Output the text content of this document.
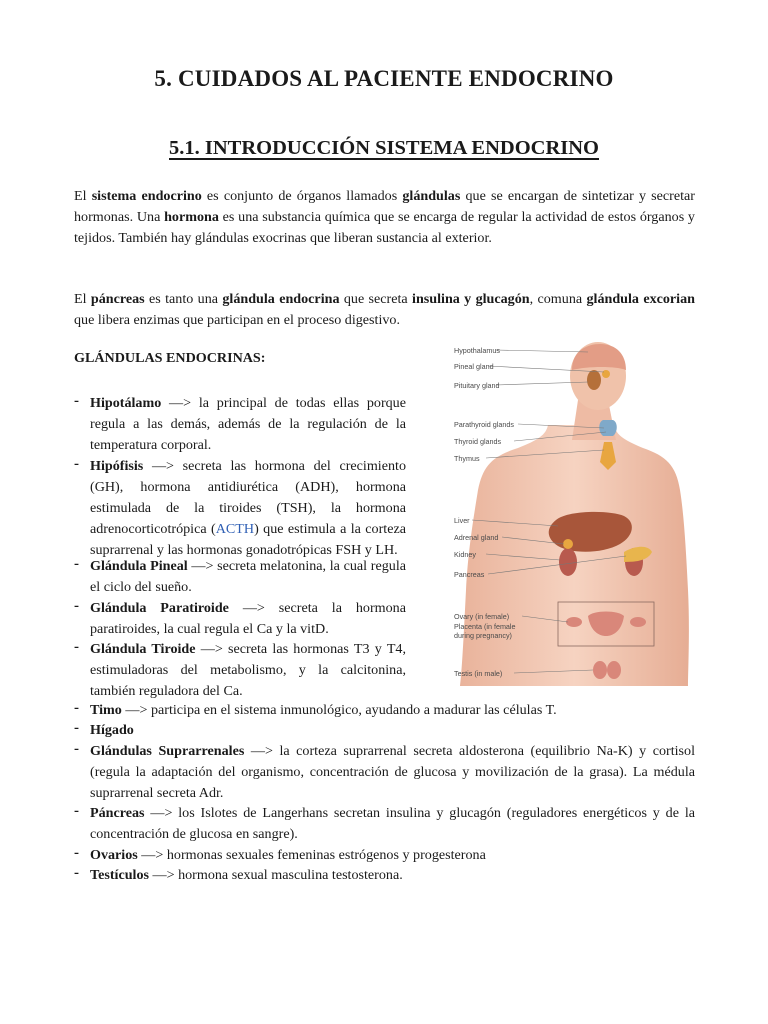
5. CUIDADOS AL PACIENTE ENDOCRINO
5.1. INTRODUCCIÓN SISTEMA ENDOCRINO

El sistema endocrino es conjunto de órganos llamados glándulas que se encargan de sintetizar y secretar hormonas. Una hormona es una substancia química que se encarga de regular la actividad de estos órganos y tejidos. También hay glándulas exocrinas que liberan sustancia al exterior.

El páncreas es tanto una glándula endocrina que secreta insulina y glucagón, comuna glándula excorian que libera enzimas que participan en el proceso digestivo.

GLÁNDULAS ENDOCRINAS:

- Hipotálamo —> la principal de todas ellas porque regula a las demás, además de la regulación de la temperatura corporal.
- Hipófisis —> secreta las hormona del crecimiento (GH), hormona antidiurética (ADH), hormona estimulada de la tiroides (TSH), la hormona adrenocorticotrópica (ACTH) que estimula a la corteza suprarrenal y las hormonas gonadotrópicas FSH y LH.
- Glándula Pineal —> secreta melatonina, la cual regula el ciclo del sueño.
- Glándula Paratiroide —> secreta la hormona paratiroides, la cual regula el Ca y la vitD.
- Glándula Tiroide —> secreta las hormonas T3 y T4, estimuladoras del metabolismo, y la calcitonina, también reguladora del Ca.
- Timo —> participa en el sistema inmunológico, ayudando a madurar las células T.
- Hígado
- Glándulas Suprarrenales —> la corteza suprarrenal secreta aldosterona (equilibrio Na-K) y cortisol (regula la adaptación del organismo, concentración de glucosa y movilización de la grasa). La médula suprarrenal secreta Adr.
- Páncreas —> los Islotes de Langerhans secretan insulina y glucagón (reguladores energéticos y de la concentración de glucosa en sangre).
- Ovarios —> hormonas sexuales femeninas estrógenos y progesterona
- Testículos —> hormona sexual masculina testosterona.
Hypothalamus
Pineal gland
Pituitary gland
Parathyroid glands
Thyroid glands
Thymus
Liver
Adrenal gland
Kidney
Pancreas
Ovary (in female)
Placenta (in female
during pregnancy)
Testis (in male)
